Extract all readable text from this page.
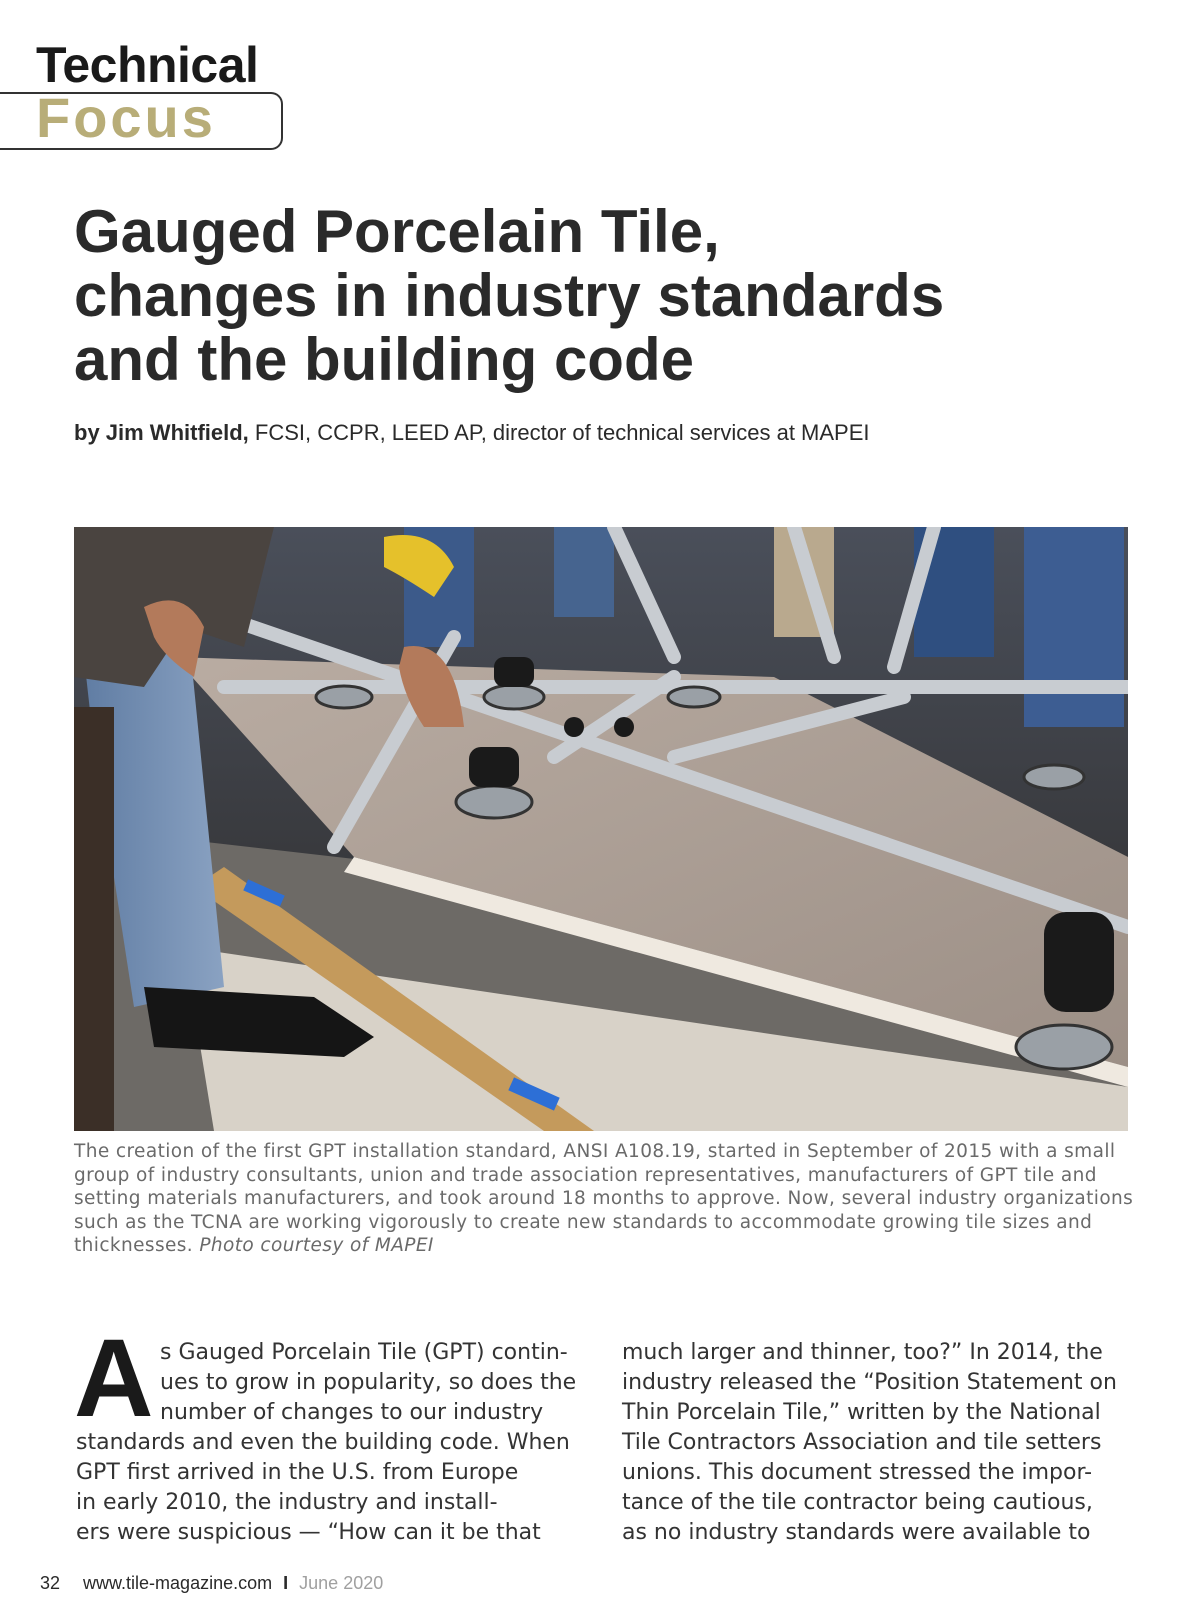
Technical
Focus
Gauged Porcelain Tile,
changes in industry standards
and the building code
by Jim Whitfield, FCSI, CCPR, LEED AP, director of technical services at MAPEI

The creation of the first GPT installation standard, ANSI A108.19, started in September of 2015 with a small group of industry consultants, union and trade association representatives, manufacturers of GPT tile and setting materials manufacturers, and took around 18 months to approve. Now, several industry organizations such as the TCNA are working vigorously to create new standards to accommodate growing tile sizes and thicknesses. Photo courtesy of MAPEI

A s Gauged Porcelain Tile (GPT) contin-
ues to grow in popularity, so does the
number of changes to our industry
standards and even the building code. When
GPT first arrived in the U.S. from Europe
in early 2010, the industry and install-
ers were suspicious — “How can it be that
much larger and thinner, too?” In 2014, the
industry released the “Position Statement on
Thin Porcelain Tile,” written by the National
Tile Contractors Association and tile setters
unions. This document stressed the impor-
tance of the tile contractor being cautious,
as no industry standards were available to
32 www.tile-magazine.com I June 2020
